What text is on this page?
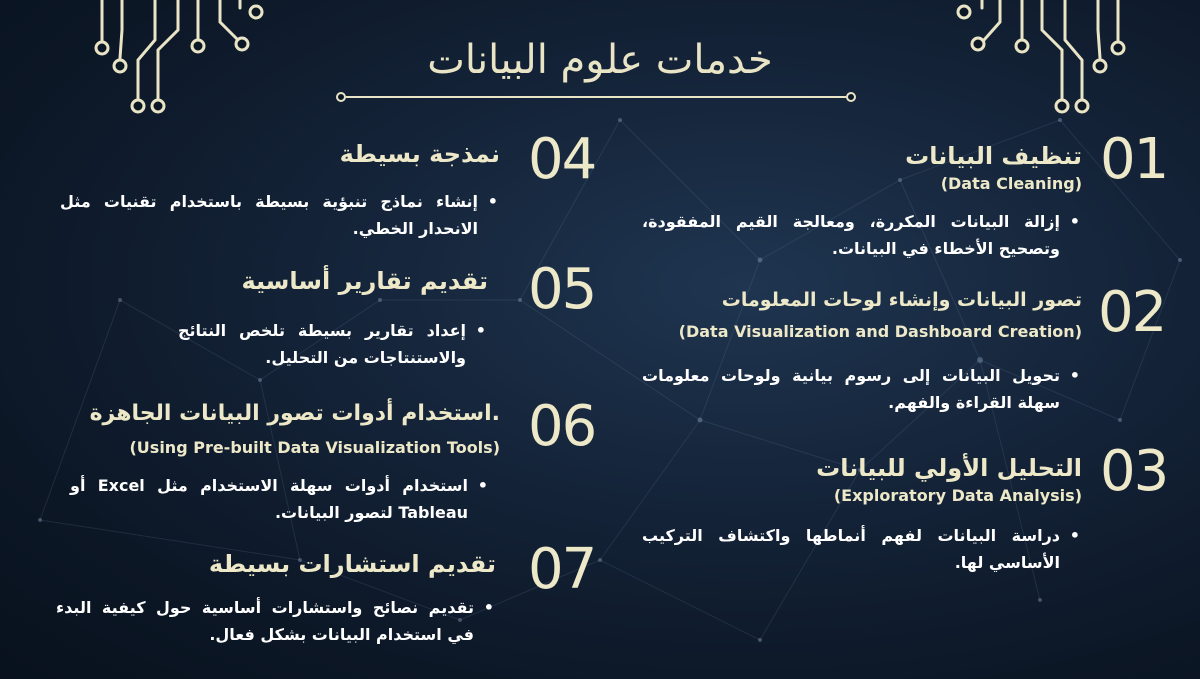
خدمات علوم البيانات
01
تنظيف البيانات
(Data Cleaning)
• إزالة البيانات المكررة، ومعالجة القيم المفقودة، وتصحيح الأخطاء في البيانات.
02
تصور البيانات وإنشاء لوحات المعلومات
(Data Visualization and Dashboard Creation)
• تحويل البيانات إلى رسوم بيانية ولوحات معلومات سهلة القراءة والفهم.
03
التحليل الأولي للبيانات
(Exploratory Data Analysis)
• دراسة البيانات لفهم أنماطها واكتشاف التركيب الأساسي لها.
04
نمذجة بسيطة
• إنشاء نماذج تنبؤية بسيطة باستخدام تقنيات مثل الانحدار الخطي.
05
تقديم تقارير أساسية
• إعداد تقارير بسيطة تلخص النتائج والاستنتاجات من التحليل.
06
.استخدام أدوات تصور البيانات الجاهزة
(Using Pre-built Data Visualization Tools)
• استخدام أدوات سهلة الاستخدام مثل Excel أو Tableau لتصور البيانات.
07
تقديم استشارات بسيطة
• تقديم نصائح واستشارات أساسية حول كيفية البدء في استخدام البيانات بشكل فعال.
